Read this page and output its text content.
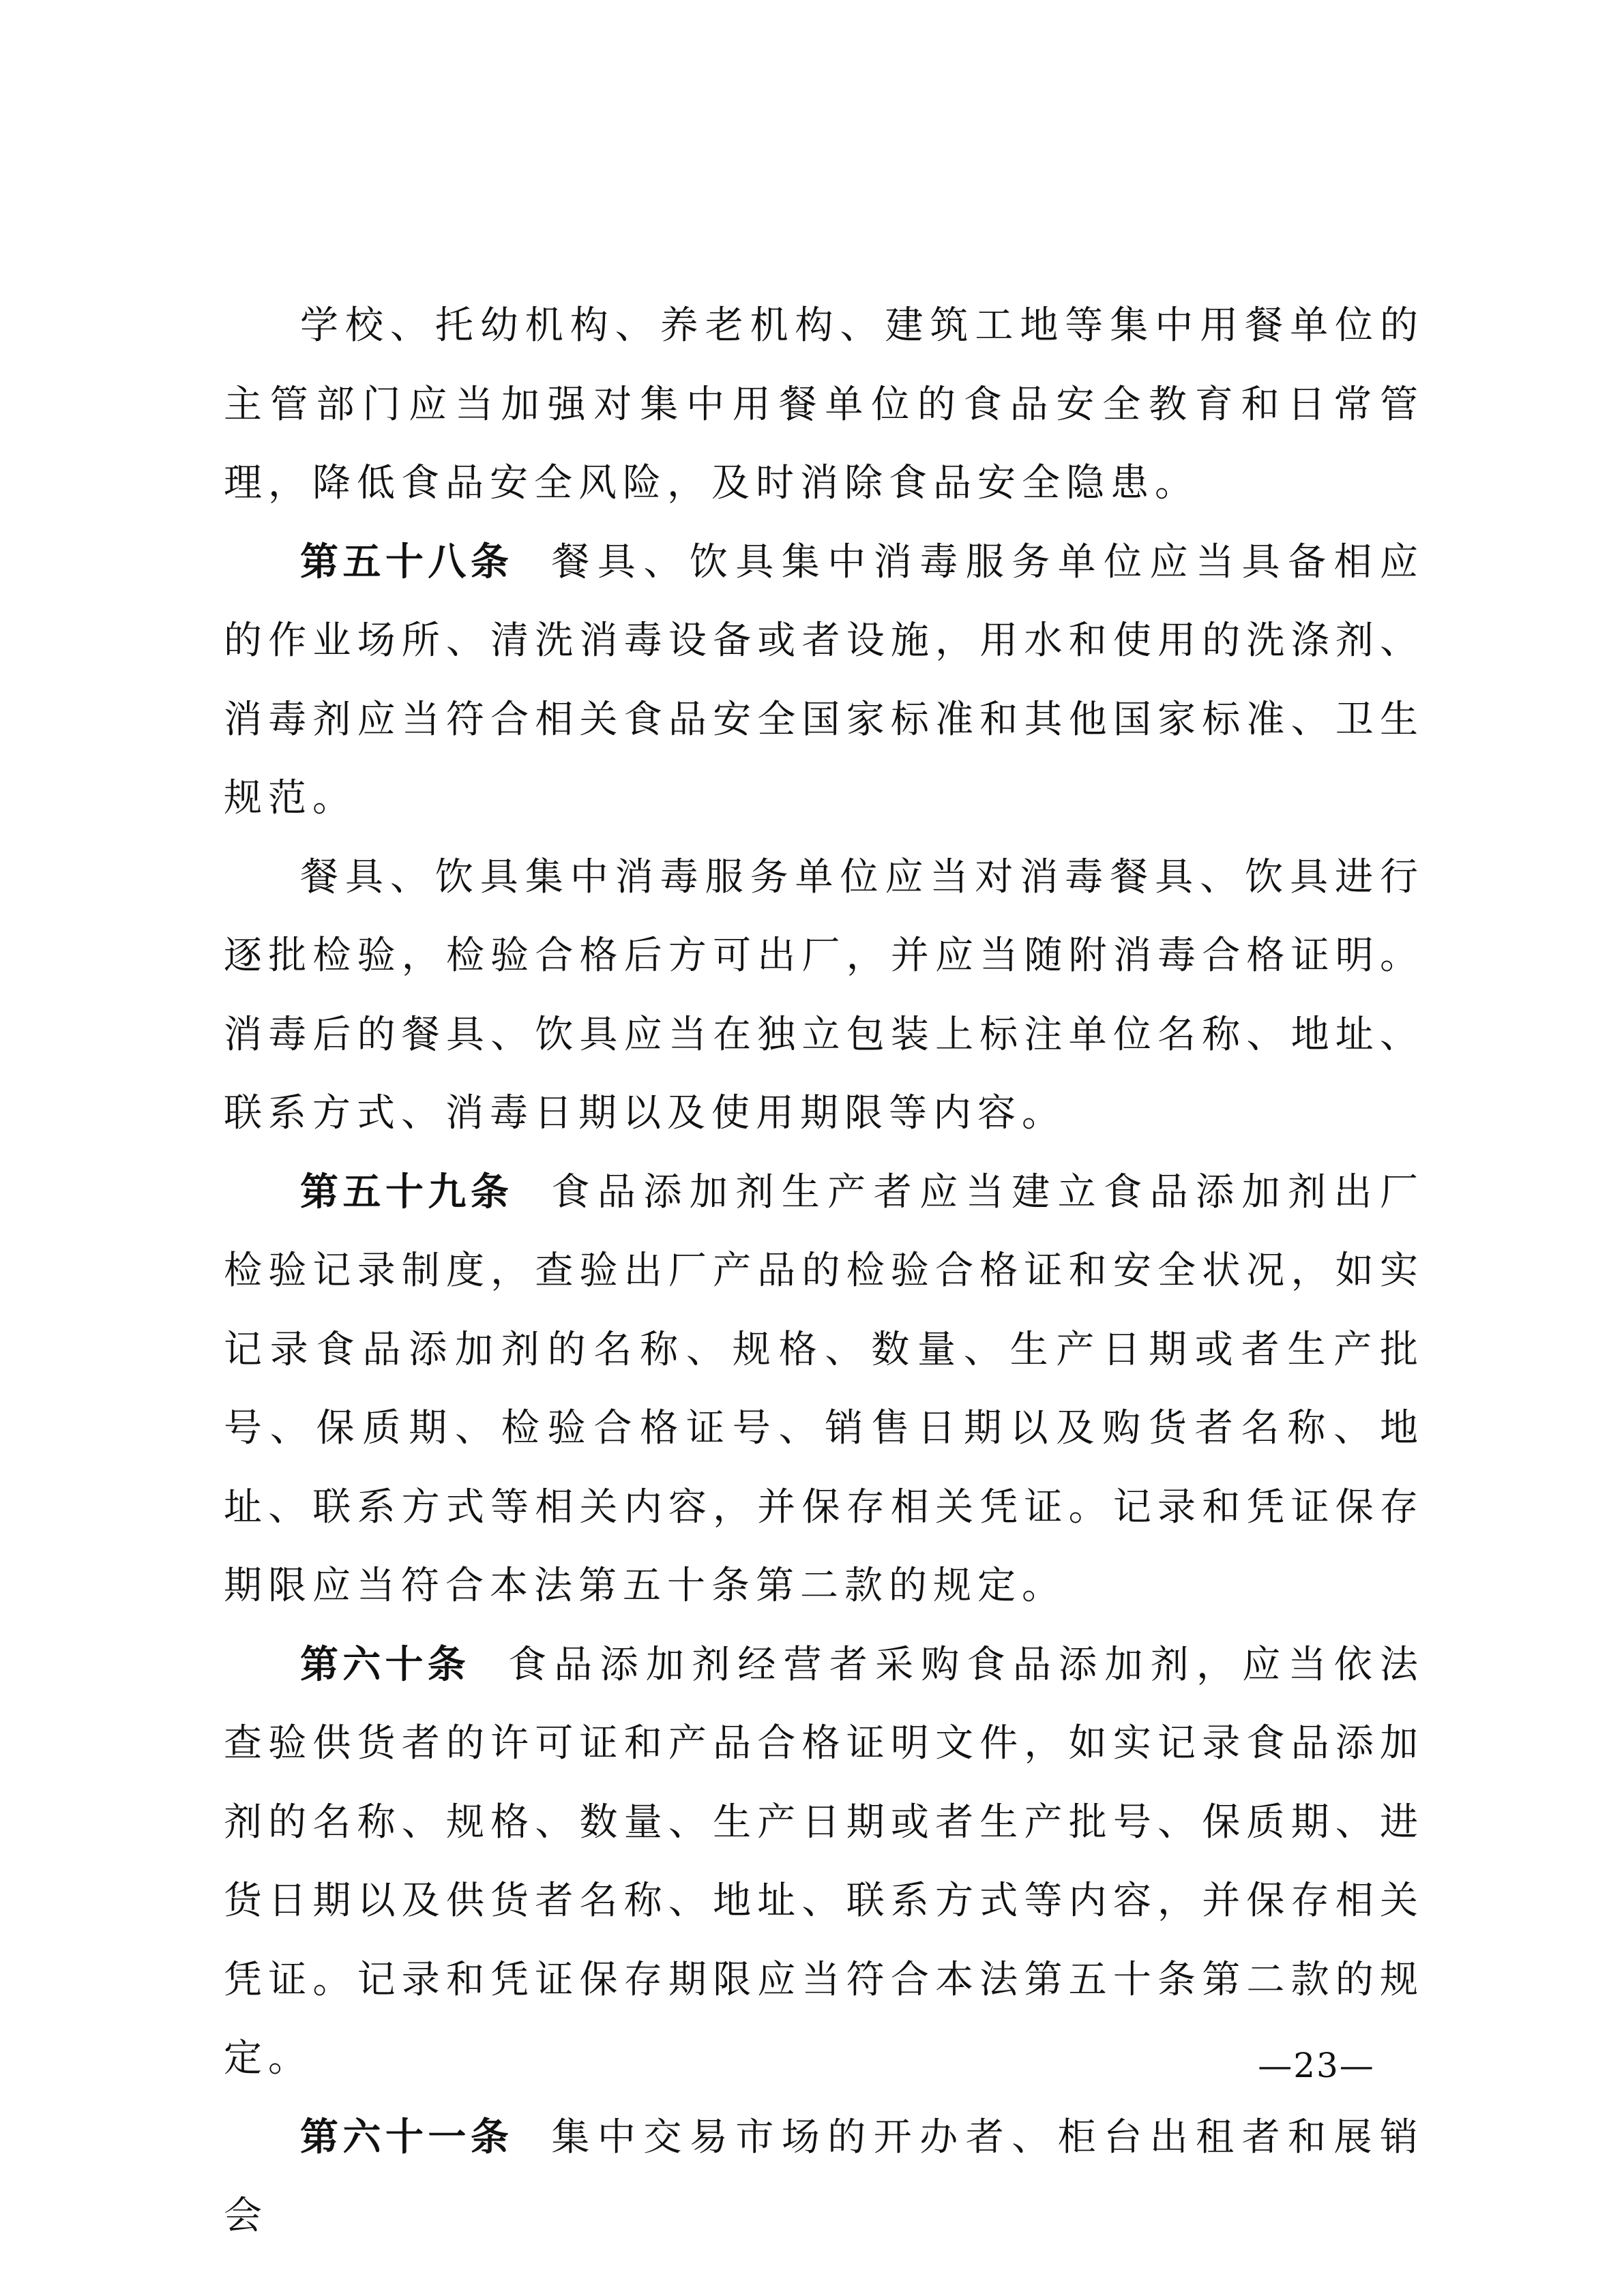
学校、托幼机构、养老机构、建筑工地等集中用餐单位的主管部门应当加强对集中用餐单位的食品安全教育和日常管理，降低食品安全风险，及时消除食品安全隐患。

第五十八条 餐具、饮具集中消毒服务单位应当具备相应的作业场所、清洗消毒设备或者设施，用水和使用的洗涤剂、消毒剂应当符合相关食品安全国家标准和其他国家标准、卫生规范。

餐具、饮具集中消毒服务单位应当对消毒餐具、饮具进行逐批检验，检验合格后方可出厂，并应当随附消毒合格证明。消毒后的餐具、饮具应当在独立包装上标注单位名称、地址、联系方式、消毒日期以及使用期限等内容。

第五十九条 食品添加剂生产者应当建立食品添加剂出厂检验记录制度，查验出厂产品的检验合格证和安全状况，如实记录食品添加剂的名称、规格、数量、生产日期或者生产批号、保质期、检验合格证号、销售日期以及购货者名称、地址、联系方式等相关内容，并保存相关凭证。记录和凭证保存期限应当符合本法第五十条第二款的规定。

第六十条 食品添加剂经营者采购食品添加剂，应当依法查验供货者的许可证和产品合格证明文件，如实记录食品添加剂的名称、规格、数量、生产日期或者生产批号、保质期、进货日期以及供货者名称、地址、联系方式等内容，并保存相关凭证。记录和凭证保存期限应当符合本法第五十条第二款的规定。

第六十一条 集中交易市场的开办者、柜台出租者和展销会

—23—
